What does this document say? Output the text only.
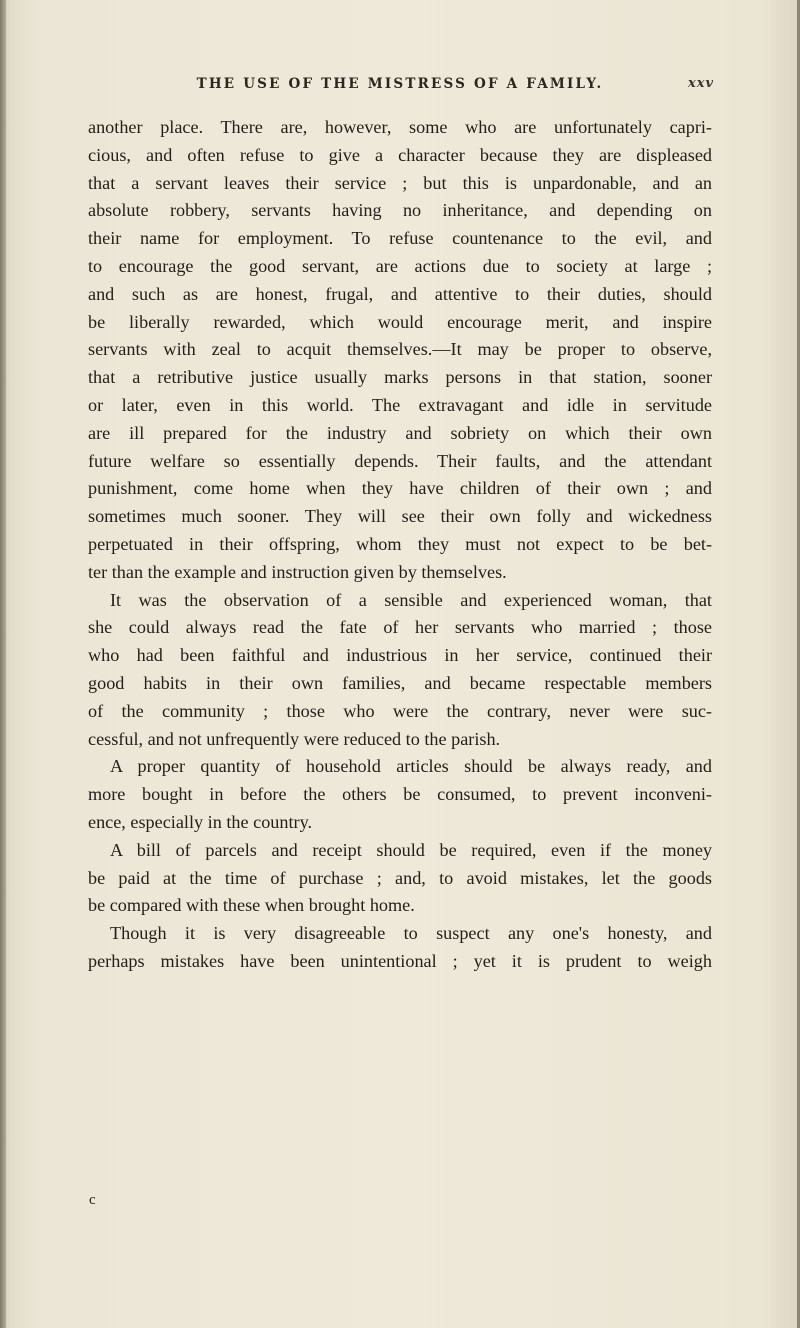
THE USE OF THE MISTRESS OF A FAMILY.	xxv
another place. There are, however, some who are unfortunately capri-
cious, and often refuse to give a character because they are displeased
that a servant leaves their service ; but this is unpardonable, and an
absolute robbery, servants having no inheritance, and depending on
their name for employment. To refuse countenance to the evil, and
to encourage the good servant, are actions due to society at large ;
and such as are honest, frugal, and attentive to their duties, should
be liberally rewarded, which would encourage merit, and inspire
servants with zeal to acquit themselves.—It may be proper to observe,
that a retributive justice usually marks persons in that station, sooner
or later, even in this world. The extravagant and idle in servitude
are ill prepared for the industry and sobriety on which their own
future welfare so essentially depends. Their faults, and the attendant
punishment, come home when they have children of their own ; and
sometimes much sooner. They will see their own folly and wickedness
perpetuated in their offspring, whom they must not expect to be bet-
ter than the example and instruction given by themselves.
It was the observation of a sensible and experienced woman, that
she could always read the fate of her servants who married ; those
who had been faithful and industrious in her service, continued their
good habits in their own families, and became respectable members
of the community ; those who were the contrary, never were suc-
cessful, and not unfrequently were reduced to the parish.
A proper quantity of household articles should be always ready, and
more bought in before the others be consumed, to prevent inconveni-
ence, especially in the country.
A bill of parcels and receipt should be required, even if the money
be paid at the time of purchase ; and, to avoid mistakes, let the goods
be compared with these when brought home.
Though it is very disagreeable to suspect any one's honesty, and
perhaps mistakes have been unintentional ; yet it is prudent to weigh
c
